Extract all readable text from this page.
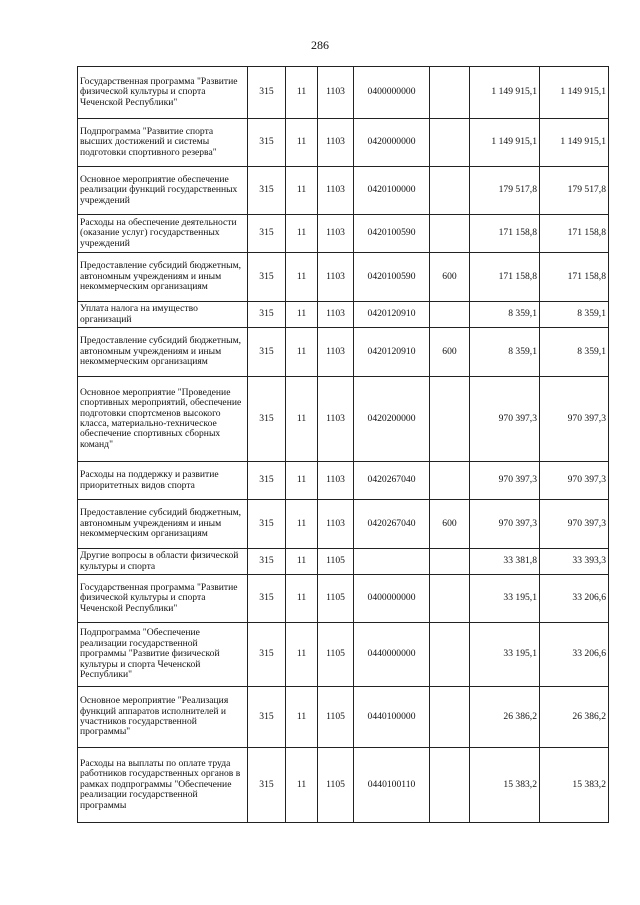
286
Государственная программа "Развитие физической культуры и спорта Чеченской Республики"	315	11	1103	0400000000		1 149 915,1	1 149 915,1
Подпрограмма "Развитие спорта высших достижений и системы подготовки спортивного резерва"	315	11	1103	0420000000		1 149 915,1	1 149 915,1
Основное мероприятие обеспечение реализации функций государственных учреждений	315	11	1103	0420100000		179 517,8	179 517,8
Расходы на обеспечение деятельности (оказание услуг) государственных учреждений	315	11	1103	0420100590		171 158,8	171 158,8
Предоставление субсидий бюджетным, автономным учреждениям и иным некоммерческим организациям	315	11	1103	0420100590	600	171 158,8	171 158,8
Уплата налога на имущество организаций	315	11	1103	0420120910		8 359,1	8 359,1
Предоставление субсидий бюджетным, автономным учреждениям и иным некоммерческим организациям	315	11	1103	0420120910	600	8 359,1	8 359,1
Основное мероприятие "Проведение спортивных мероприятий, обеспечение подготовки спортсменов высокого класса, материально-техническое обеспечение спортивных сборных команд"	315	11	1103	0420200000		970 397,3	970 397,3
Расходы на поддержку и развитие приоритетных видов спорта	315	11	1103	0420267040		970 397,3	970 397,3
Предоставление субсидий бюджетным, автономным учреждениям и иным некоммерческим организациям	315	11	1103	0420267040	600	970 397,3	970 397,3
Другие вопросы в области физической культуры и спорта	315	11	1105			33 381,8	33 393,3
Государственная программа "Развитие физической культуры и спорта Чеченской Республики"	315	11	1105	0400000000		33 195,1	33 206,6
Подпрограмма "Обеспечение реализации государственной программы "Развитие физической культуры и спорта Чеченской Республики"	315	11	1105	0440000000		33 195,1	33 206,6
Основное мероприятие "Реализация функций аппаратов исполнителей и участников государственной программы"	315	11	1105	0440100000		26 386,2	26 386,2
Расходы на выплаты по оплате труда работников государственных органов в рамках подпрограммы "Обеспечение реализации государственной программы	315	11	1105	0440100110		15 383,2	15 383,2
